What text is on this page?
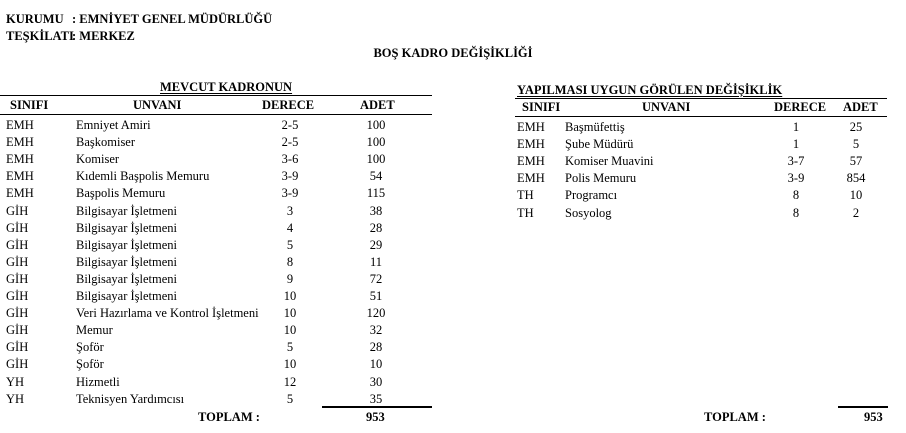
KURUMU : EMNİYET GENEL MÜDÜRLÜĞÜ
TEŞKİLATI
: MERKEZ
BOŞ KADRO DEĞİŞİKLİĞİ
MEVCUT KADRONUN
SINIFI	UNVANI	DERECE	ADET
EMH	Emniyet Amiri	2-5	100
EMH	Başkomiser	2-5	100
EMH	Komiser	3-6	100
EMH	Kıdemli Başpolis Memuru	3-9	54
EMH	Başpolis Memuru	3-9	115
GİH	Bilgisayar İşletmeni	3	38
GİH	Bilgisayar İşletmeni	4	28
GİH	Bilgisayar İşletmeni	5	29
GİH	Bilgisayar İşletmeni	8	11
GİH	Bilgisayar İşletmeni	9	72
GİH	Bilgisayar İşletmeni	10	51
GİH	Veri Hazırlama ve Kontrol İşletmeni	10	120
GİH	Memur	10	32
GİH	Şoför	5	28
GİH	Şoför	10	10
YH	Hizmetli	12	30
YH	Teknisyen Yardımcısı	5	35
TOPLAM :	953
YAPILMASI UYGUN GÖRÜLEN DEĞİŞİKLİK
SINIFI	UNVANI	DERECE ADET
EMH Başmüfettiş	1	25
EMH Şube Müdürü	1	5
EMH Komiser Muavini	3-7	57
EMH Polis Memuru	3-9	854
TH	Programcı	8	10
TH	Sosyolog	8	2
TOPLAM :	953
